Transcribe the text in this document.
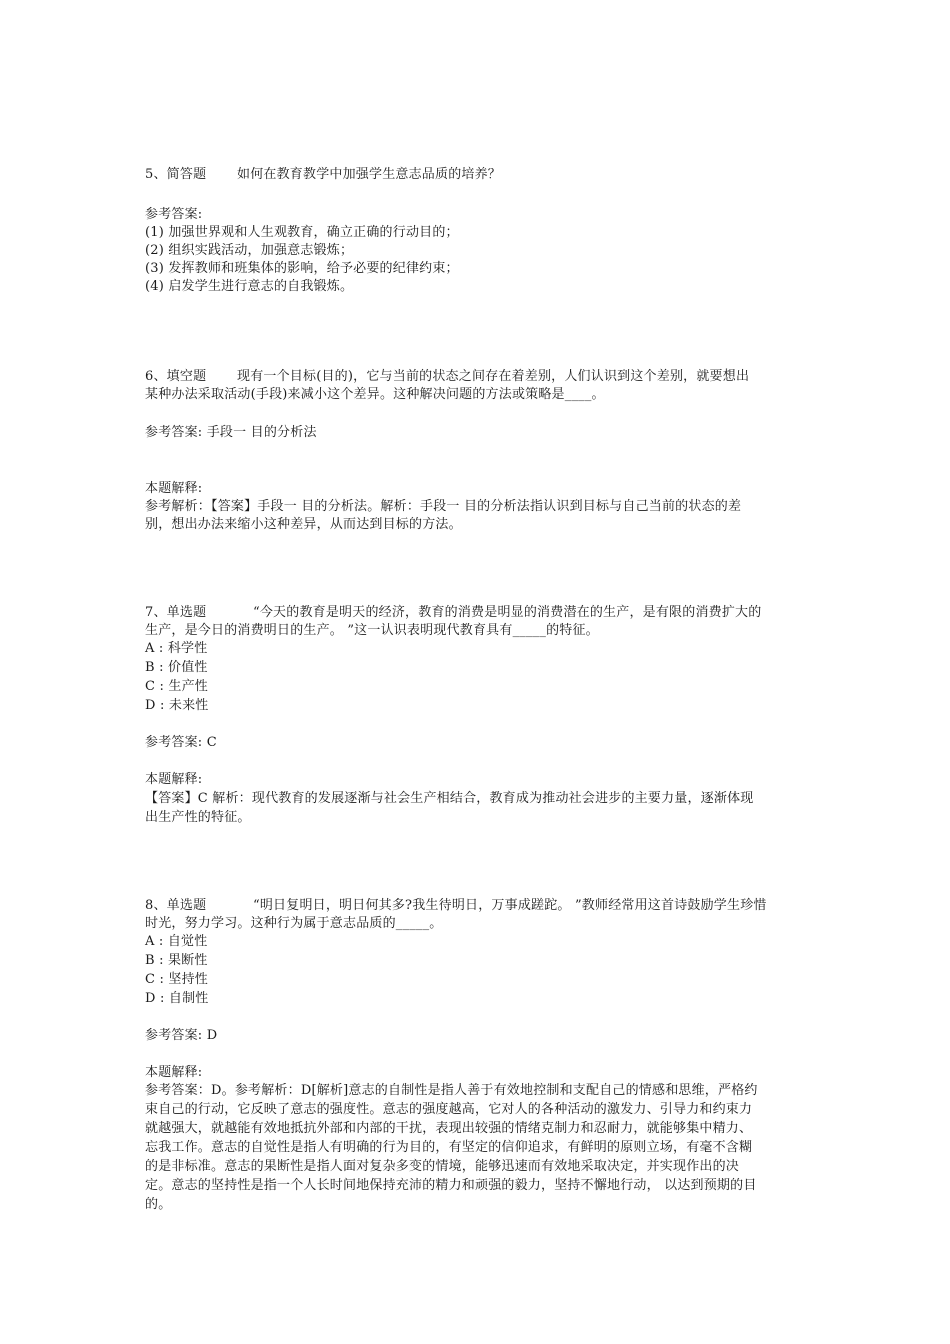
5、简答题 如何在教育教学中加强学生意志品质的培养？
参考答案:
(1) 加强世界观和人生观教育，确立正确的行动目的；
(2) 组织实践活动，加强意志锻炼；
(3) 发挥教师和班集体的影响，给予必要的纪律约束；
(4) 启发学生进行意志的自我锻炼。
6、填空题 现有一个目标(目的)，它与当前的状态之间存在着差别，人们认识到这个差别，就要想出
某种办法采取活动(手段)来减小这个差异。这种解决问题的方法或策略是____。
参考答案: 手段一 目的分析法
本题解释:
参考解析：【答案】手段一 目的分析法。解析：手段一 目的分析法指认识到目标与自己当前的状态的差
别，想出办法来缩小这种差异，从而达到目标的方法。
7、单选题	“今天的教育是明天的经济，教育的消费是明显的消费潜在的生产，是有限的消费扩大的
生产，是今日的消费明日的生产。 ”这一认识表明现代教育具有_____的特征。
A : 科学性
B : 价值性
C : 生产性
D : 未来性
参考答案: C
本题解释:
【答案】C 解析：现代教育的发展逐渐与社会生产相结合，教育成为推动社会进步的主要力量，逐渐体现
出生产性的特征。
8、单选题	“明日复明日，明日何其多?我生待明日，万事成蹉跎。 ”教师经常用这首诗鼓励学生珍惜
时光，努力学习。这种行为属于意志品质的_____。
A : 自觉性
B : 果断性
C : 坚持性
D : 自制性
参考答案: D
本题解释:
参考答案：D。参考解析：D[解析]意志的自制性是指人善于有效地控制和支配自己的情感和思维，严格约
束自己的行动，它反映了意志的强度性。意志的强度越高，它对人的各种活动的激发力、引导力和约束力
就越强大，就越能有效地抵抗外部和内部的干扰，表现出较强的情绪克制力和忍耐力，就能够集中精力、
忘我工作。意志的自觉性是指人有明确的行为目的，有坚定的信仰追求，有鲜明的原则立场，有毫不含糊
的是非标准。意志的果断性是指人面对复杂多变的情境，能够迅速而有效地采取决定，并实现作出的决
定。意志的坚持性是指一个人长时间地保持充沛的精力和顽强的毅力，坚持不懈地行动， 以达到预期的目
的。
